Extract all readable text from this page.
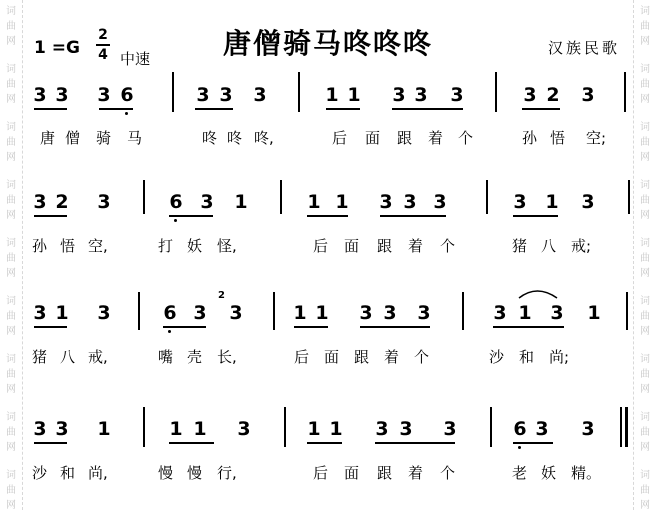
词
曲
网
词
曲
网
词
曲
网
词
曲
网
词
曲
网
词
曲
网
词
曲
网
词
曲
网
词
曲
网
词
曲
网
词
曲
网
词
曲
网
词
曲
网
词
曲
网
词
曲
网
词
曲
网
词
曲
网
词
曲
网
唐僧骑马咚咚咚	汉族民歌
1 =G
2
4 中速
3 3 3 6	3 3 3	1 1 3 3 3	3 2 3
唐 僧 骑 马	咚 咚 咚,	后 面 跟 着 个	孙 悟 空;
3 2 3	6 3 1	1 1 3 3 3	3 1 3
孙 悟 空,	打 妖 怪,	后 面 跟 着 个	猪 八 戒;
3 1 3	6 3 3	1 1 3 3 3	3 1 3 1
猪 八 戒,	嘴 壳 长,	后 面 跟 着 个	沙 和 尚;
2
3 3 1	1 1 3	1 1 3 3 3	6 3 3
沙 和 尚,	慢 慢 行,	后 面 跟 着 个	老 妖 精。
